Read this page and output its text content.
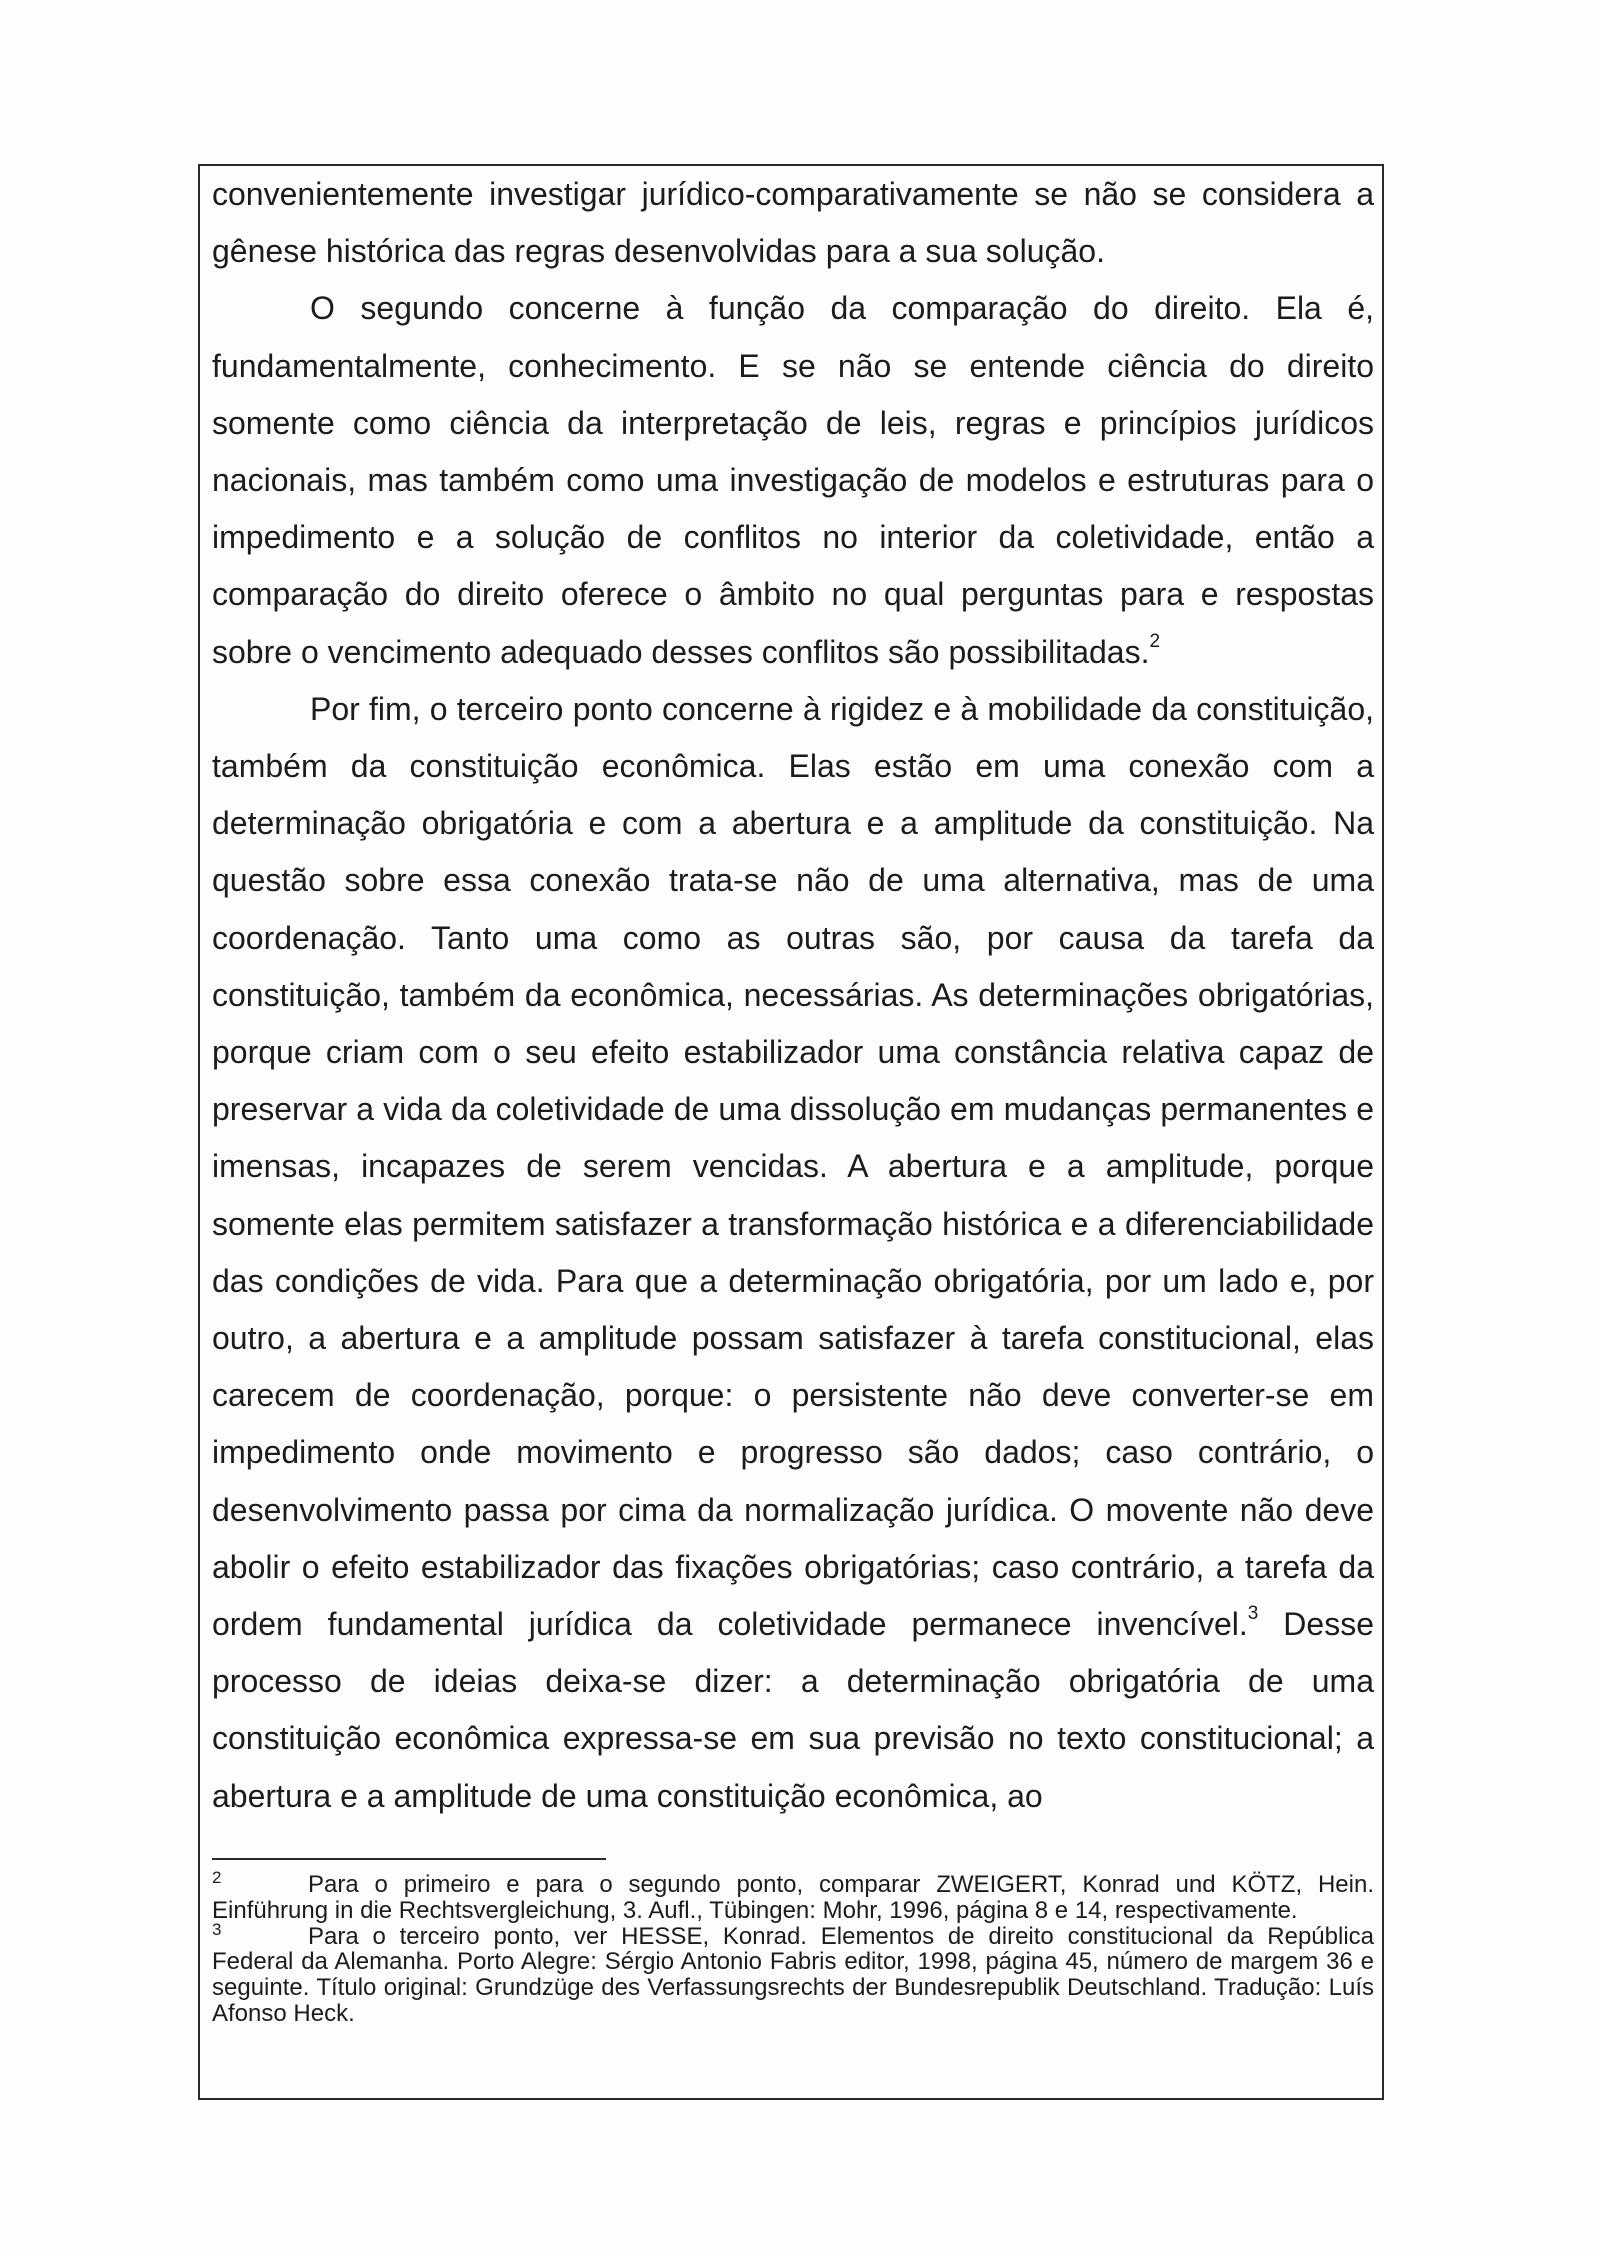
convenientemente investigar jurídico-comparativamente se não se considera a gênese histórica das regras desenvolvidas para a sua solução.

O segundo concerne à função da comparação do direito. Ela é, fundamentalmente, conhecimento. E se não se entende ciência do direito somente como ciência da interpretação de leis, regras e princípios jurídicos nacionais, mas também como uma investigação de modelos e estruturas para o impedimento e a solução de conflitos no interior da coletividade, então a comparação do direito oferece o âmbito no qual perguntas para e respostas sobre o vencimento adequado desses conflitos são possibilitadas.$^2$

Por fim, o terceiro ponto concerne à rigidez e à mobilidade da constituição, também da constituição econômica. Elas estão em uma conexão com a determinação obrigatória e com a abertura e a amplitude da constituição. Na questão sobre essa conexão trata-se não de uma alternativa, mas de uma coordenação. Tanto uma como as outras são, por causa da tarefa da constituição, também da econômica, necessárias. As determinações obrigatórias, porque criam com o seu efeito estabilizador uma constância relativa capaz de preservar a vida da coletividade de uma dissolução em mudanças permanentes e imensas, incapazes de serem vencidas. A abertura e a amplitude, porque somente elas permitem satisfazer a transformação histórica e a diferenciabilidade das condições de vida. Para que a determinação obrigatória, por um lado e, por outro, a abertura e a amplitude possam satisfazer à tarefa constitucional, elas carecem de coordenação, porque: o persistente não deve converter-se em impedimento onde movimento e progresso são dados; caso contrário, o desenvolvimento passa por cima da normalização jurídica. O movente não deve abolir o efeito estabilizador das fixações obrigatórias; caso contrário, a tarefa da ordem fundamental jurídica da coletividade permanece invencível.$^3$ Desse processo de ideias deixa-se dizer: a determinação obrigatória de uma constituição econômica expressa-se em sua previsão no texto constitucional; a abertura e a amplitude de uma constituição econômica, ao

2	Para o primeiro e para o segundo ponto, comparar ZWEIGERT, Konrad und KÖTZ, Hein. Einführung in die Rechtsvergleichung, 3. Aufl., Tübingen: Mohr, 1996, página 8 e 14, respectivamente.

3	Para o terceiro ponto, ver HESSE, Konrad. Elementos de direito constitucional da República Federal da Alemanha. Porto Alegre: Sérgio Antonio Fabris editor, 1998, página 45, número de margem 36 e seguinte. Título original: Grundzüge des Verfassungsrechts der Bundesrepublik Deutschland. Tradução: Luís Afonso Heck.
